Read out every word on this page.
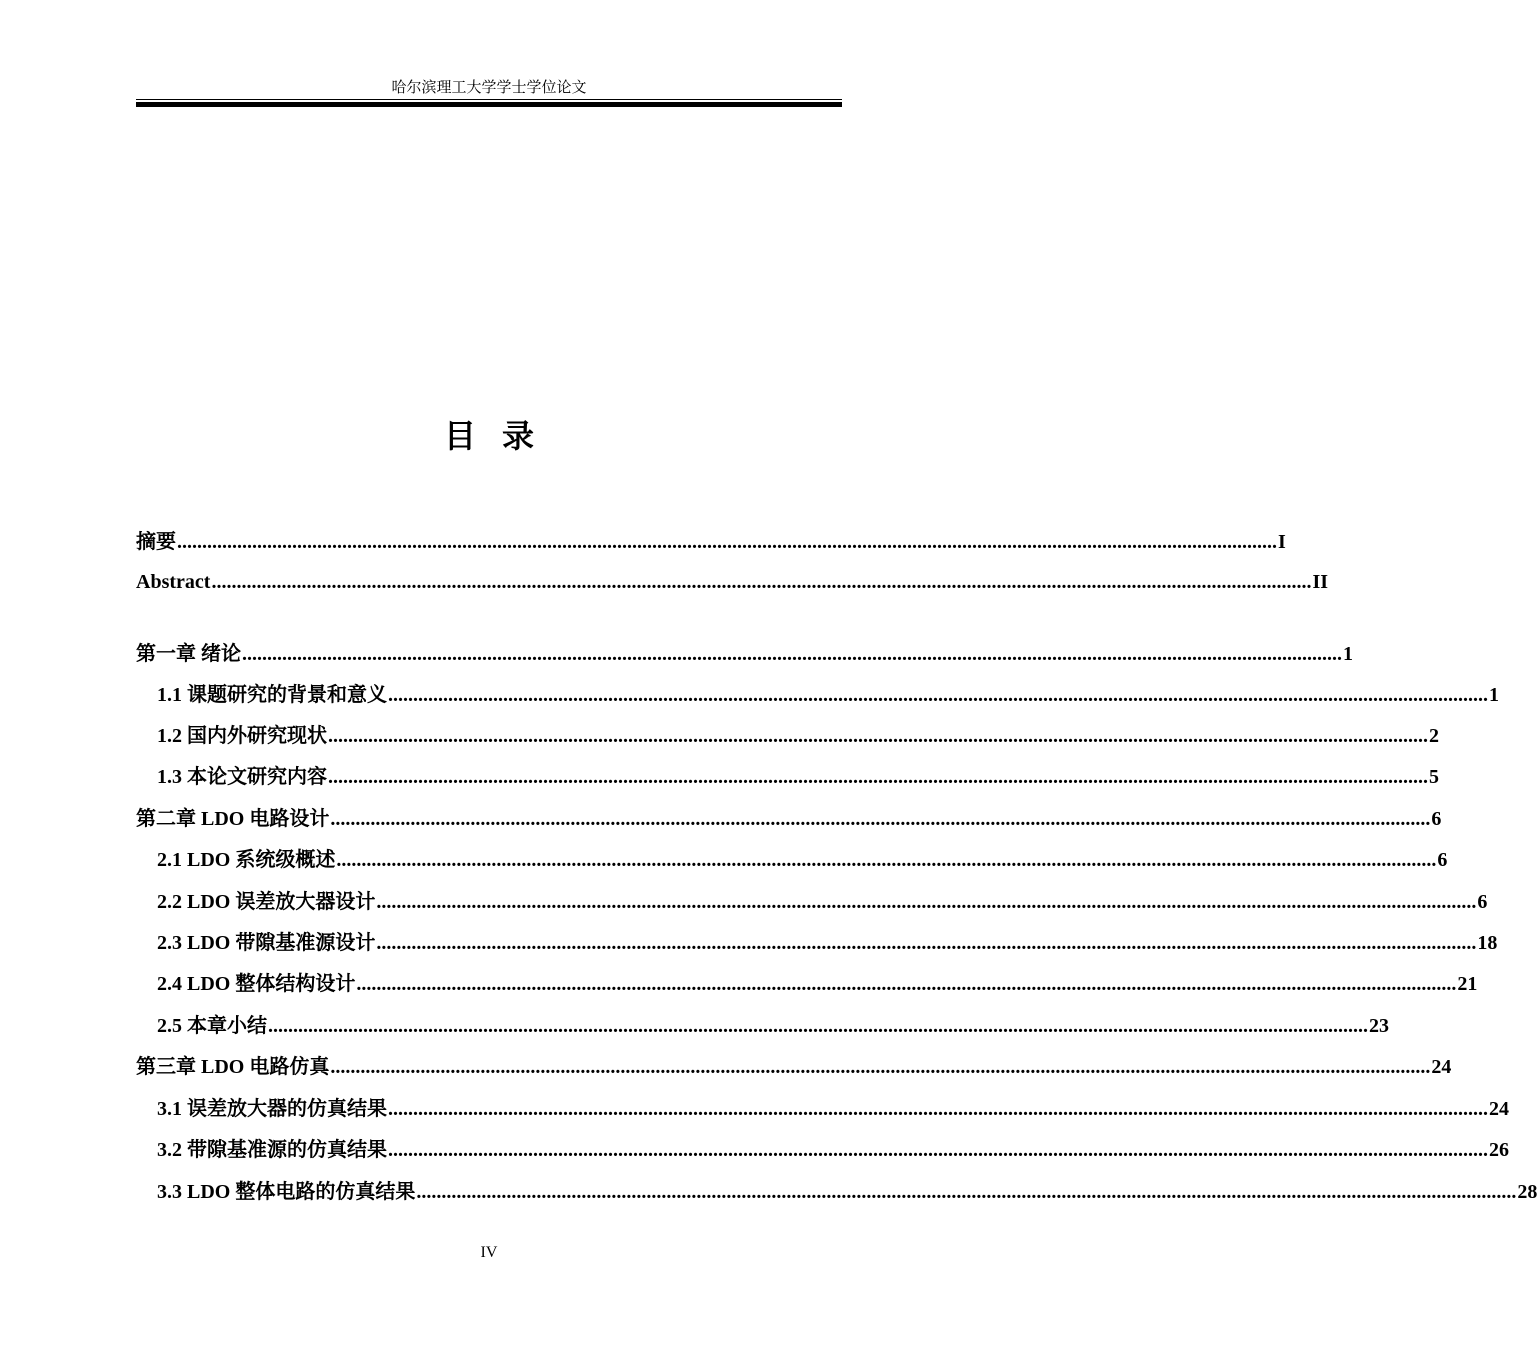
哈尔滨理工大学学士学位论文
目 录
摘要 ............................................................................................................................................................................................................................ I
Abstract ............................................................................................................................................................................................................................ II
第一章 绪论 ............................................................................................................................................................................................................................ 1
1.1 课题研究的背景和意义 ............................................................................................................................................................................................................................ 1
1.2 国内外研究现状 ............................................................................................................................................................................................................................ 2
1.3 本论文研究内容 ............................................................................................................................................................................................................................ 5
第二章 LDO 电路设计 ............................................................................................................................................................................................................................ 6
2.1 LDO 系统级概述 ............................................................................................................................................................................................................................ 6
2.2 LDO 误差放大器设计 ............................................................................................................................................................................................................................ 6
2.3 LDO 带隙基准源设计 ............................................................................................................................................................................................................................ 18
2.4 LDO 整体结构设计 ............................................................................................................................................................................................................................ 21
2.5 本章小结 ............................................................................................................................................................................................................................ 23
第三章 LDO 电路仿真 ............................................................................................................................................................................................................................ 24
3.1 误差放大器的仿真结果 ............................................................................................................................................................................................................................ 24
3.2 带隙基准源的仿真结果 ............................................................................................................................................................................................................................ 26
3.3 LDO 整体电路的仿真结果 ............................................................................................................................................................................................................................ 28
IV
